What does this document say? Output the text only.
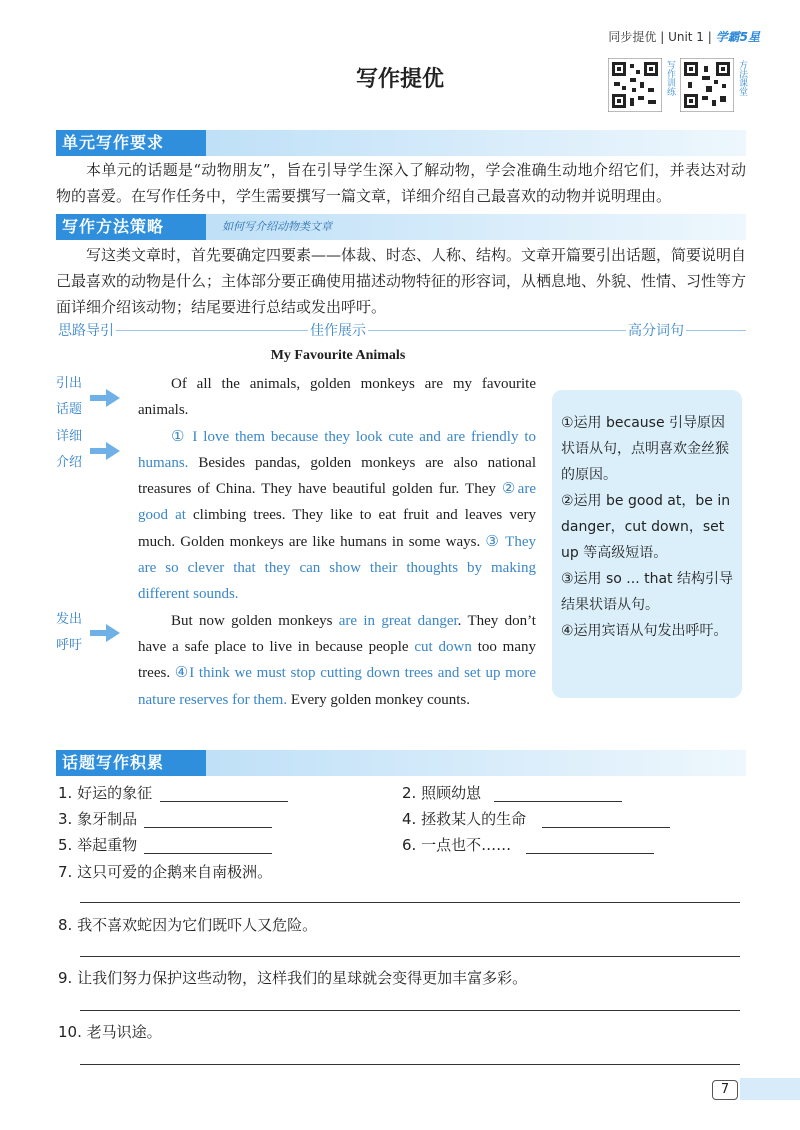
同步提优 | Unit 1 | 学霸5星
写作提优	写作训练	方法课堂
单元写作要求

本单元的话题是“动物朋友”，旨在引导学生深入了解动物，学会准确生动地介绍它们，并表达对动物的喜爱。在写作任务中，学生需要撰写一篇文章，详细介绍自己最喜欢的动物并说明理由。

写作方法策略	如何写介绍动物类文章

写这类文章时，首先要确定四要素——体裁、时态、人称、结构。文章开篇要引出话题，简要说明自己最喜欢的动物是什么；主体部分要正确使用描述动物特征的形容词，从栖息地、外貌、性情、习性等方面详细介绍该动物；结尾要进行总结或发出呼吁。

思路导引	佳作展示	高分词句
My Favourite Animals

Of all the animals, golden monkeys are my favourite animals.

① I love them because they look cute and are friendly to humans. Besides pandas, golden monkeys are also national treasures of China. They have beautiful golden fur. They ②are good at climbing trees. They like to eat fruit and leaves very much. Golden monkeys are like humans in some ways. ③ They are so clever that they can show their thoughts by making different sounds.

But now golden monkeys are in great danger. They don’t have a safe place to live in because people cut down too many trees. ④I think we must stop cutting down trees and set up more nature reserves for them. Every golden monkey counts.

引出
话题
详细
介绍
发出
呼吁
①运用 because 引导原因状语从句，点明喜欢金丝猴的原因。
②运用 be good at，be in danger，cut down，set up 等高级短语。
③运用 so ... that 结构引导结果状语从句。
④运用宾语从句发出呼吁。
话题写作积累
1. 好运的象征	2. 照顾幼崽
3. 象牙制品	4. 拯救某人的生命
5. 举起重物	6. 一点也不……
7. 这只可爱的企鹅来自南极洲。
8. 我不喜欢蛇因为它们既吓人又危险。
9. 让我们努力保护这些动物，这样我们的星球就会变得更加丰富多彩。
10. 老马识途。
7
